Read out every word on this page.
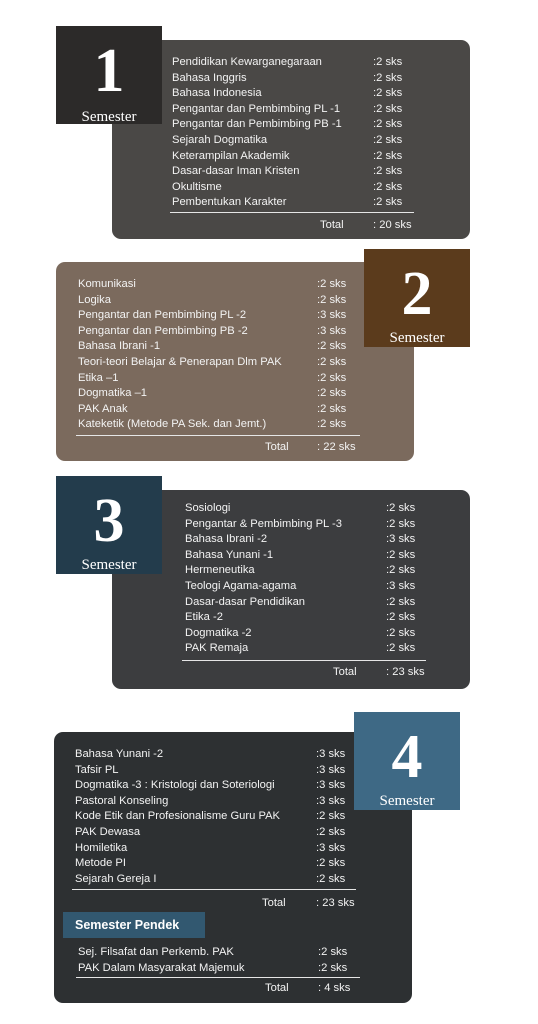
1
Semester
Pendidikan Kewarganegaraan	:2 sks
Bahasa Inggris	:2 sks
Bahasa Indonesia	:2 sks
Pengantar dan Pembimbing PL -1	:2 sks
Pengantar dan Pembimbing PB -1	:2 sks
Sejarah Dogmatika	:2 sks
Keterampilan Akademik	:2 sks
Dasar-dasar Iman Kristen	:2 sks
Okultisme	:2 sks
Pembentukan Karakter	:2 sks
Total	: 20 sks
2
Semester
Komunikasi	:2 sks
Logika	:2 sks
Pengantar dan Pembimbing PL -2	:3 sks
Pengantar dan Pembimbing PB -2	:3 sks
Bahasa Ibrani -1	:2 sks
Teori-teori Belajar & Penerapan Dlm PAK	:2 sks
Etika –1	:2 sks
Dogmatika –1	:2 sks
PAK Anak	:2 sks
Kateketik (Metode PA Sek. dan Jemt.)	:2 sks
Total	: 22 sks
3
Semester
Sosiologi	:2 sks
Pengantar & Pembimbing PL -3	:2 sks
Bahasa Ibrani -2	:3 sks
Bahasa Yunani -1	:2 sks
Hermeneutika	:2 sks
Teologi Agama-agama	:3 sks
Dasar-dasar Pendidikan	:2 sks
Etika -2	:2 sks
Dogmatika -2	:2 sks
PAK Remaja	:2 sks
Total	: 23 sks
4
Semester
Bahasa Yunani -2	:3 sks
Tafsir PL	:3 sks
Dogmatika -3 : Kristologi dan Soteriologi	:3 sks
Pastoral Konseling	:3 sks
Kode Etik dan Profesionalisme Guru PAK	:2 sks
PAK Dewasa	:2 sks
Homiletika	:3 sks
Metode PI	:2 sks
Sejarah Gereja I	:2 sks
Total	: 23 sks
Semester Pendek
Sej. Filsafat dan Perkemb. PAK	:2 sks
PAK Dalam Masyarakat Majemuk	:2 sks
Total	: 4 sks
